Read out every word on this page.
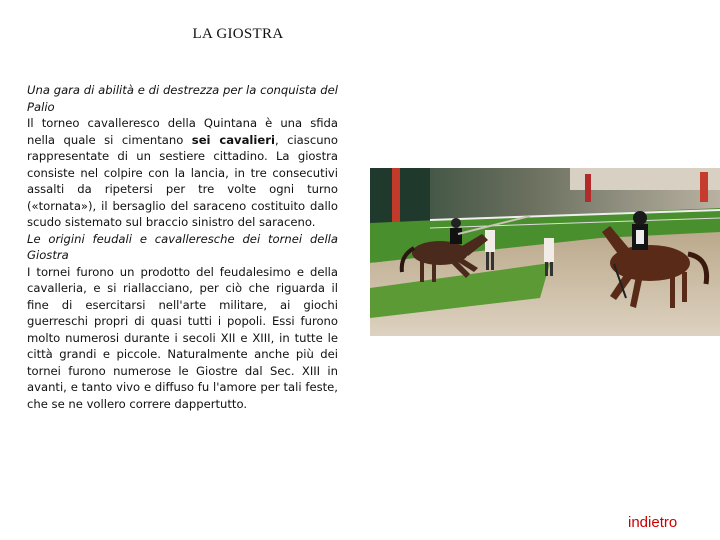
LA GIOSTRA

Una gara di abilità e di destrezza per la conquista del Palio

Il torneo cavalleresco della Quintana è una sfida nella quale si cimentano sei cavalieri, ciascuno rappresentate di un sestiere cittadino. La giostra consiste nel colpire con la lancia, in tre consecutivi assalti da ripetersi per tre volte ogni turno («tornata»), il bersaglio del saraceno costituito dallo scudo sistemato sul braccio sinistro del saraceno.

Le origini feudali e cavalleresche dei tornei della Giostra

I tornei furono un prodotto del feudalesimo e della cavalleria, e si riallacciano, per ciò che riguarda il fine di esercitarsi nell'arte militare, ai giochi guerreschi propri di quasi tutti i popoli. Essi furono molto numerosi durante i secoli XII e XIII, in tutte le città grandi e piccole. Naturalmente anche più dei tornei furono numerose le Giostre dal Sec. XIII in avanti, e tanto vivo e diffuso fu l'amore per tali feste, che se ne vollero correre dappertutto.

indietro
